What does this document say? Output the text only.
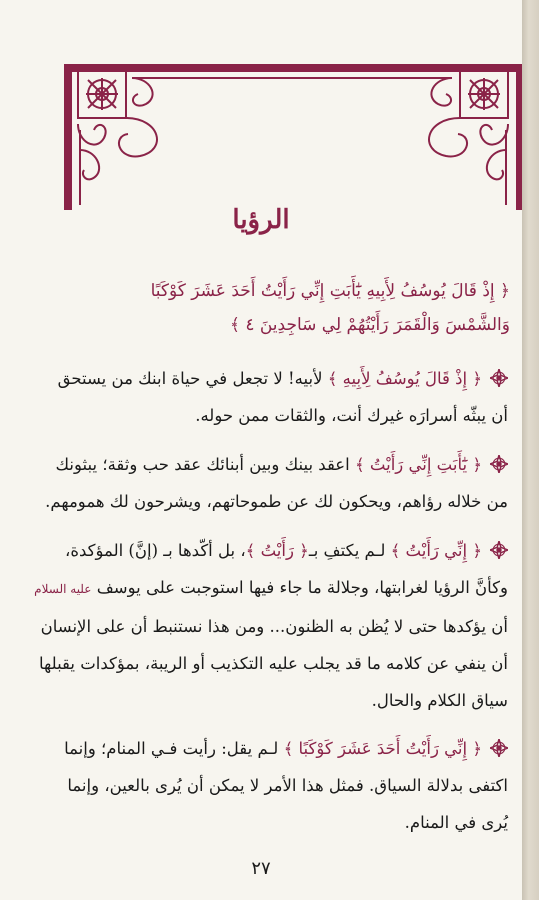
الرؤيا
﴿ إِذْ قَالَ يُوسُفُ لِأَبِيهِ يَٰٓأَبَتِ إِنِّي رَأَيْتُ أَحَدَ عَشَرَ كَوْكَبًا
وَالشَّمْسَ وَالْقَمَرَ رَأَيْتُهُمْ لِي سَاجِدِينَ ٤ ﴾
﴿ إِذْ قَالَ يُوسُفُ لِأَبِيهِ ﴾ لأبيه! لا تجعل في حياة ابنك من يستحق
أن يبثّه أسرارَه غيرك أنت، والثقات ممن حوله.
﴿ يَٰٓأَبَتِ إِنِّي رَأَيْتُ ﴾ اعقد بينك وبين أبنائك عقد حب وثقة؛ يبثونك
من خلاله رؤاهم، ويحكون لك عن طموحاتهم، ويشرحون لك همومهم.
﴿ إِنِّي رَأَيْتُ ﴾ لـم يكتفِ بـ﴿ رَأَيْتُ ﴾، بل أكّدها بـ (إنَّ) المؤكدة،
وكأنَّ الرؤيا لغرابتها، وجلالة ما جاء فيها استوجبت على يوسف عليه السلام
أن يؤكدها حتى لا يُظن به الظنون... ومن هذا نستنبط أن على الإنسان
أن ينفي عن كلامه ما قد يجلب عليه التكذيب أو الريبة، بمؤكدات يقبلها
سياق الكلام والحال.
﴿ إِنِّي رَأَيْتُ أَحَدَ عَشَرَ كَوْكَبًا ﴾ لـم يقل: رأيت فـي المنام؛ وإنما
اكتفى بدلالة السياق. فمثل هذا الأمر لا يمكن أن يُرى بالعين، وإنما
يُرى في المنام.
٢٧
